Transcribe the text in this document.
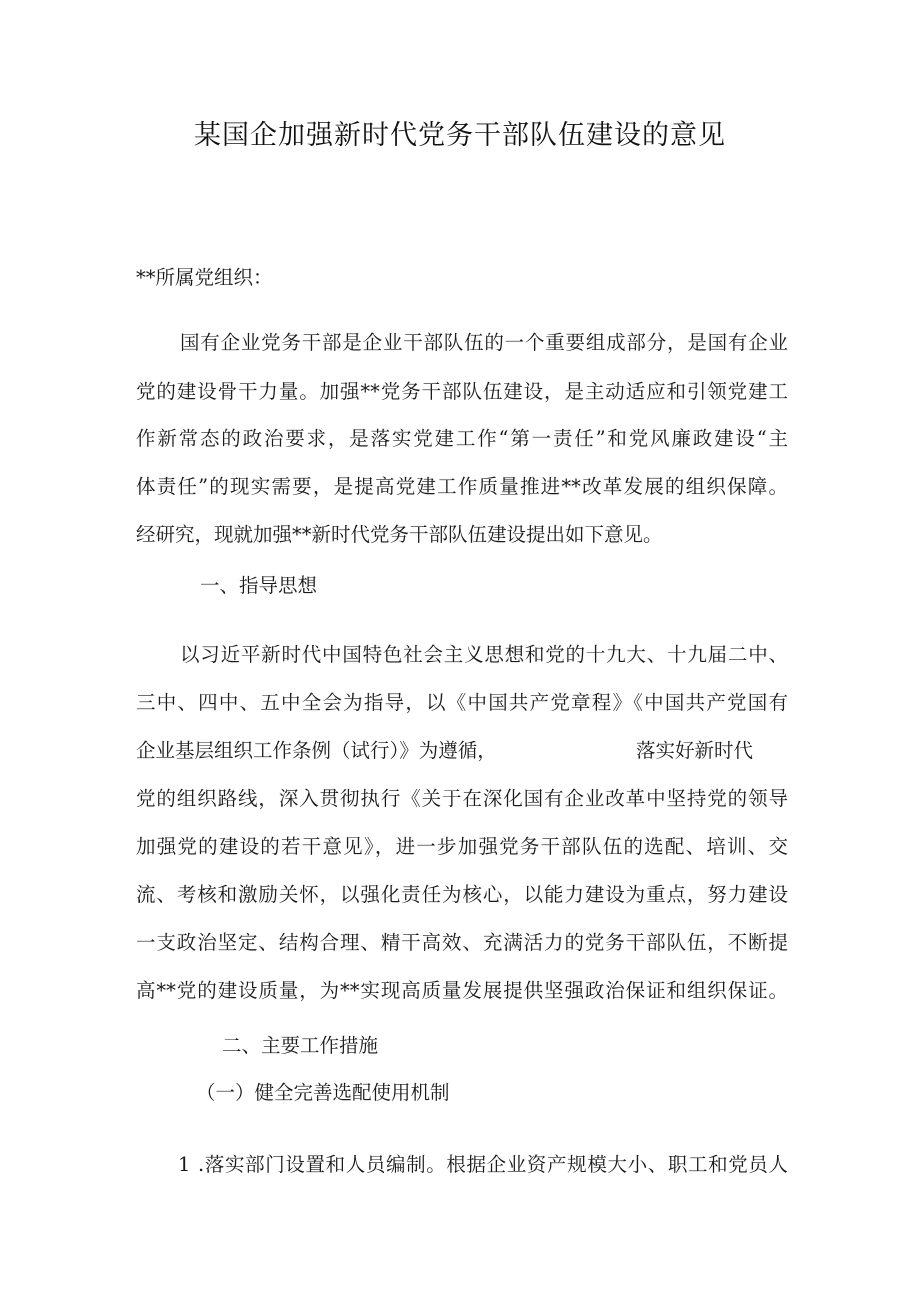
某国企加强新时代党务干部队伍建设的意见
**所属党组织：
国有企业党务干部是企业干部队伍的一个重要组成部分，是国有企业
党的建设骨干力量。加强**党务干部队伍建设，是主动适应和引领党建工
作新常态的政治要求，是落实党建工作“第一责任”和党风廉政建设“主
体责任”的现实需要，是提高党建工作质量推进**改革发展的组织保障。
经研究，现就加强**新时代党务干部队伍建设提出如下意见。
一、指导思想
以习近平新时代中国特色社会主义思想和党的十九大、十九届二中、
三中、四中、五中全会为指导，以《中国共产党章程》《中国共产党国有
企业基层组织工作条例（试行）》为遵循，	落实好新时代
党的组织路线，深入贯彻执行《关于在深化国有企业改革中坚持党的领导
加强党的建设的若干意见》，进一步加强党务干部队伍的选配、培训、交
流、考核和激励关怀，以强化责任为核心，以能力建设为重点，努力建设
一支政治坚定、结构合理、精干高效、充满活力的党务干部队伍，不断提
高**党的建设质量，为**实现高质量发展提供坚强政治保证和组织保证。
二、主要工作措施
（一）健全完善选配使用机制
1 .落实部门设置和人员编制。根据企业资产规模大小、职工和党员人
